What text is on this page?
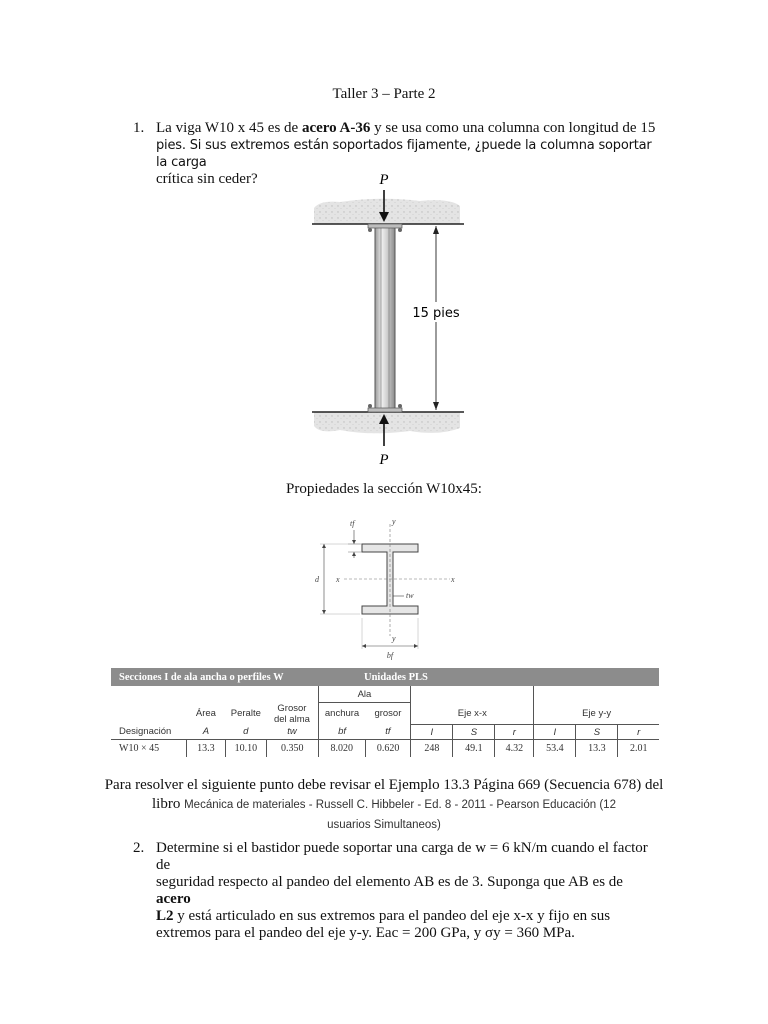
Taller 3 – Parte 2
1. La viga W10 x 45 es de acero A-36 y se usa como una columna con longitud de 15
pies. Si sus extremos están soportados fijamente, ¿puede la columna soportar la carga
crítica sin ceder?	P
P
15 pies
Propiedades la sección W10x45:
y
y
x	x
tf
d
tw
bf
Secciones I de ala ancha o perfiles W	Unidades PLS
				Ala							
	Área	Peralte	Grosor
del alma	anchura	grosor	Eje x-x			Eje y-y		
Designación	A	d	tw	bf	tf	I	S	r	I	S	r
W10 × 45	13.3	10.10	0.350	8.020	0.620	248	49.1	4.32	53.4	13.3	2.01
Para resolver el siguiente punto debe revisar el Ejemplo 13.3 Página 669 (Secuencia 678) del
libro Mecánica de materiales - Russell C. Hibbeler - Ed. 8 - 2011 - Pearson Educación (12
usuarios Simultaneos)
2. Determine si el bastidor puede soportar una carga de w = 6 kN/m cuando el factor de
seguridad respecto al pandeo del elemento AB es de 3. Suponga que AB es de acero
L2 y está articulado en sus extremos para el pandeo del eje x-x y fijo en sus
extremos para el pandeo del eje y-y. Eac = 200 GPa, y σy = 360 MPa.
